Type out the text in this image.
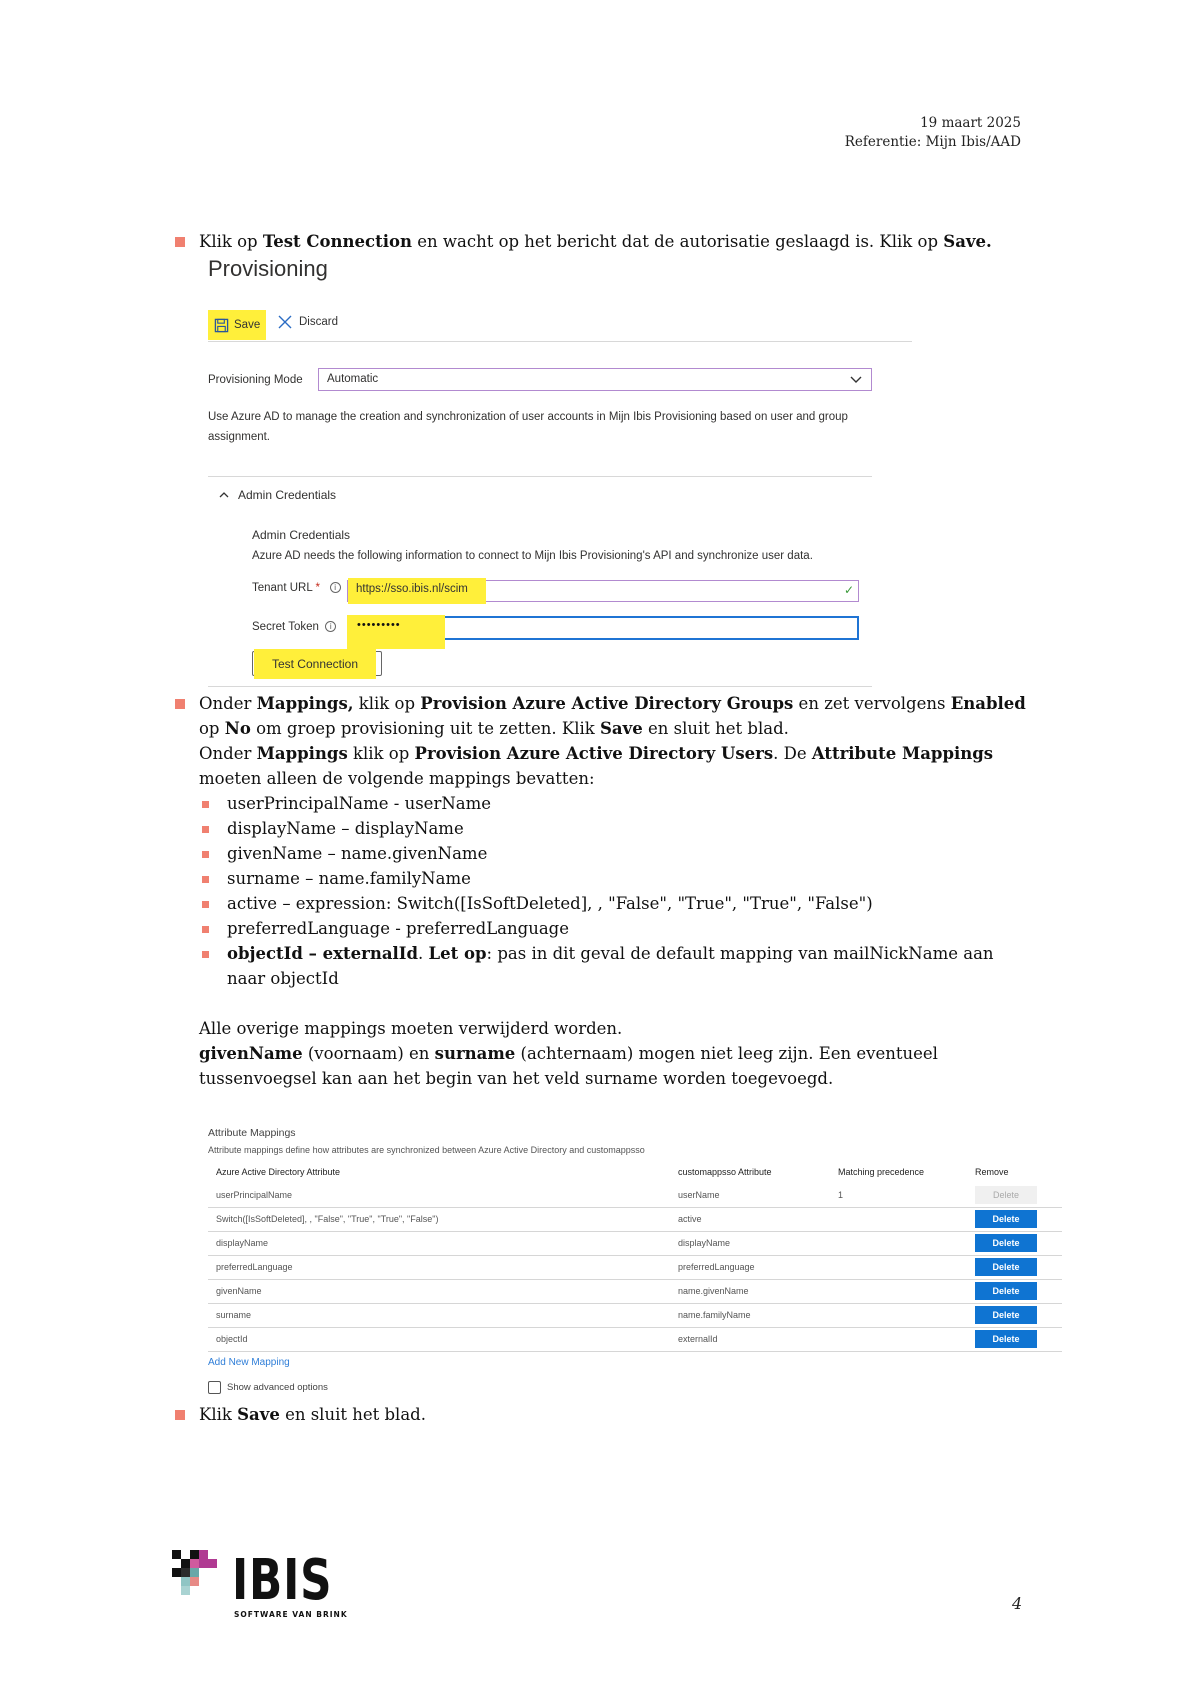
19 maart 2025
Referentie: Mijn Ibis/AAD
Klik op Test Connection en wacht op het bericht dat de autorisatie geslaagd is. Klik op Save.
Provisioning
Save	Discard
Provisioning Mode	Automatic
Use Azure AD to manage the creation and synchronization of user accounts in Mijn Ibis Provisioning based on user and group assignment.
Admin Credentials
Admin Credentials
Azure AD needs the following information to connect to Mijn Ibis Provisioning's API and synchronize user data.
Tenant URL * i	https://sso.ibis.nl/scim	✓
Secret Token i	•••••••••
Test Connection
Onder Mappings, klik op Provision Azure Active Directory Groups en zet vervolgens Enabled
op No om groep provisioning uit te zetten. Klik Save en sluit het blad.
Onder Mappings klik op Provision Azure Active Directory Users. De Attribute Mappings
moeten alleen de volgende mappings bevatten:
userPrincipalName - userName
displayName – displayName
givenName – name.givenName
surname – name.familyName
active – expression: Switch([IsSoftDeleted], , "False", "True", "True", "False")
preferredLanguage - preferredLanguage
objectId – externalId. Let op: pas in dit geval de default mapping van mailNickName aan
naar objectId
Alle overige mappings moeten verwijderd worden.
givenName (voornaam) en surname (achternaam) mogen niet leeg zijn. Een eventueel
tussenvoegsel kan aan het begin van het veld surname worden toegevoegd.
Attribute Mappings
Attribute mappings define how attributes are synchronized between Azure Active Directory and customappsso
Azure Active Directory Attribute	customappsso Attribute	Matching precedence	Remove
userPrincipalName	userName	1	Delete
Switch([IsSoftDeleted], , "False", "True", "True", "False")	active		Delete
displayName	displayName		Delete
preferredLanguage	preferredLanguage		Delete
givenName	name.givenName		Delete
surname	name.familyName		Delete
objectId	externalId		Delete
Add New Mapping
Show advanced options
Klik Save en sluit het blad.
IBIS
SOFTWARE VAN BRINK
4
